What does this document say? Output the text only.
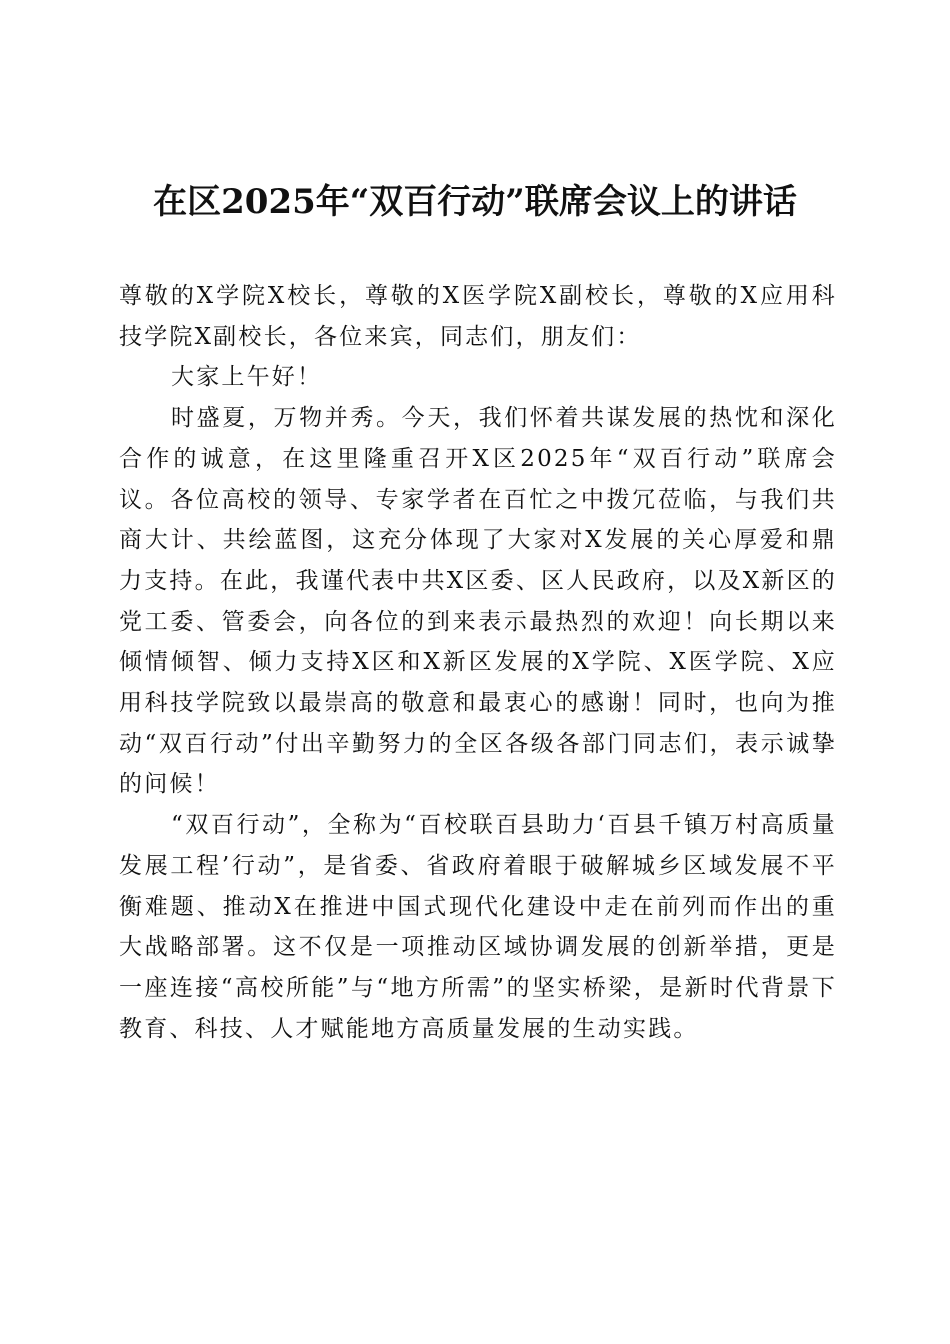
在区2025年“双百行动”联席会议上的讲话

尊敬的X学院X校长，尊敬的X医学院X副校长，尊敬的X应用科技学院X副校长，各位来宾，同志们，朋友们：

大家上午好！

时盛夏，万物并秀。今天，我们怀着共谋发展的热忱和深化合作的诚意，在这里隆重召开X区2025年“双百行动”联席会议。各位高校的领导、专家学者在百忙之中拨冗莅临，与我们共商大计、共绘蓝图，这充分体现了大家对X发展的关心厚爱和鼎力支持。在此，我谨代表中共X区委、区人民政府，以及X新区的党工委、管委会，向各位的到来表示最热烈的欢迎！向长期以来倾情倾智、倾力支持X区和X新区发展的X学院、X医学院、X应用科技学院致以最崇高的敬意和最衷心的感谢！同时，也向为推动“双百行动”付出辛勤努力的全区各级各部门同志们，表示诚挚的问候！

“双百行动”，全称为“百校联百县助力‘百县千镇万村高质量发展工程’行动”，是省委、省政府着眼于破解城乡区域发展不平衡难题、推动X在推进中国式现代化建设中走在前列而作出的重大战略部署。这不仅是一项推动区域协调发展的创新举措，更是一座连接“高校所能”与“地方所需”的坚实桥梁，是新时代背景下教育、科技、人才赋能地方高质量发展的生动实践。
